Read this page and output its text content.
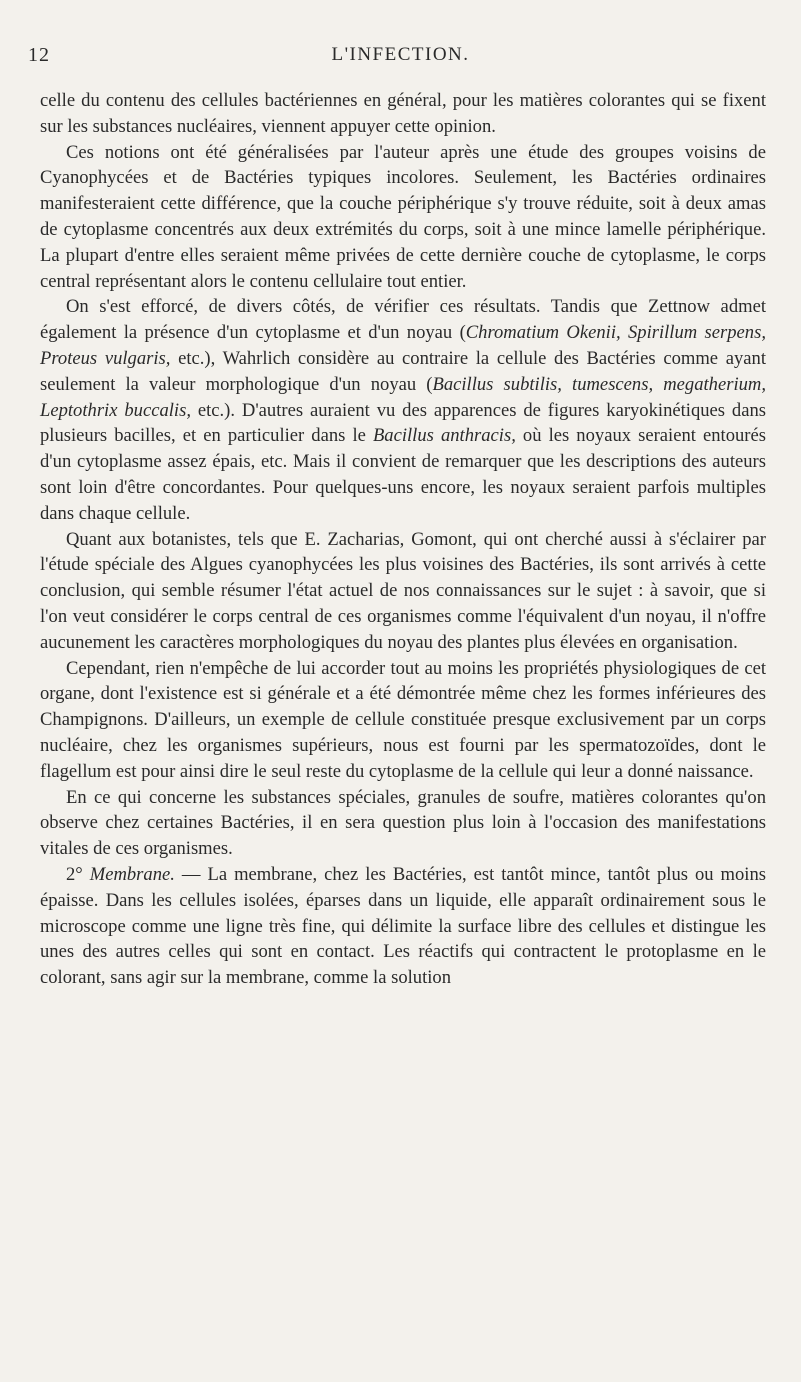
12	L'INFECTION.

celle du contenu des cellules bactériennes en général, pour les matières colorantes qui se fixent sur les substances nucléaires, viennent appuyer cette opinion.

Ces notions ont été généralisées par l'auteur après une étude des groupes voisins de Cyanophycées et de Bactéries typiques incolores. Seulement, les Bactéries ordinaires manifesteraient cette différence, que la couche périphérique s'y trouve réduite, soit à deux amas de cytoplasme concentrés aux deux extrémités du corps, soit à une mince lamelle périphérique. La plupart d'entre elles seraient même privées de cette dernière couche de cytoplasme, le corps central représentant alors le contenu cellulaire tout entier.

On s'est efforcé, de divers côtés, de vérifier ces résultats. Tandis que Zettnow admet également la présence d'un cytoplasme et d'un noyau (Chromatium Okenii, Spirillum serpens, Proteus vulgaris, etc.), Wahrlich considère au contraire la cellule des Bactéries comme ayant seulement la valeur morphologique d'un noyau (Bacillus subtilis, tumescens, megatherium, Leptothrix buccalis, etc.). D'autres auraient vu des apparences de figures karyokinétiques dans plusieurs bacilles, et en particulier dans le Bacillus anthracis, où les noyaux seraient entourés d'un cytoplasme assez épais, etc. Mais il convient de remarquer que les descriptions des auteurs sont loin d'être concordantes. Pour quelques-uns encore, les noyaux seraient parfois multiples dans chaque cellule.

Quant aux botanistes, tels que E. Zacharias, Gomont, qui ont cherché aussi à s'éclairer par l'étude spéciale des Algues cyanophycées les plus voisines des Bactéries, ils sont arrivés à cette conclusion, qui semble résumer l'état actuel de nos connaissances sur le sujet : à savoir, que si l'on veut considérer le corps central de ces organismes comme l'équivalent d'un noyau, il n'offre aucunement les caractères morphologiques du noyau des plantes plus élevées en organisation.

Cependant, rien n'empêche de lui accorder tout au moins les propriétés physiologiques de cet organe, dont l'existence est si générale et a été démontrée même chez les formes inférieures des Champignons. D'ailleurs, un exemple de cellule constituée presque exclusivement par un corps nucléaire, chez les organismes supérieurs, nous est fourni par les spermatozoïdes, dont le flagellum est pour ainsi dire le seul reste du cytoplasme de la cellule qui leur a donné naissance.

En ce qui concerne les substances spéciales, granules de soufre, matières colorantes qu'on observe chez certaines Bactéries, il en sera question plus loin à l'occasion des manifestations vitales de ces organismes.

2° Membrane. — La membrane, chez les Bactéries, est tantôt mince, tantôt plus ou moins épaisse. Dans les cellules isolées, éparses dans un liquide, elle apparaît ordinairement sous le microscope comme une ligne très fine, qui délimite la surface libre des cellules et distingue les unes des autres celles qui sont en contact. Les réactifs qui contractent le protoplasme en le colorant, sans agir sur la membrane, comme la solution
